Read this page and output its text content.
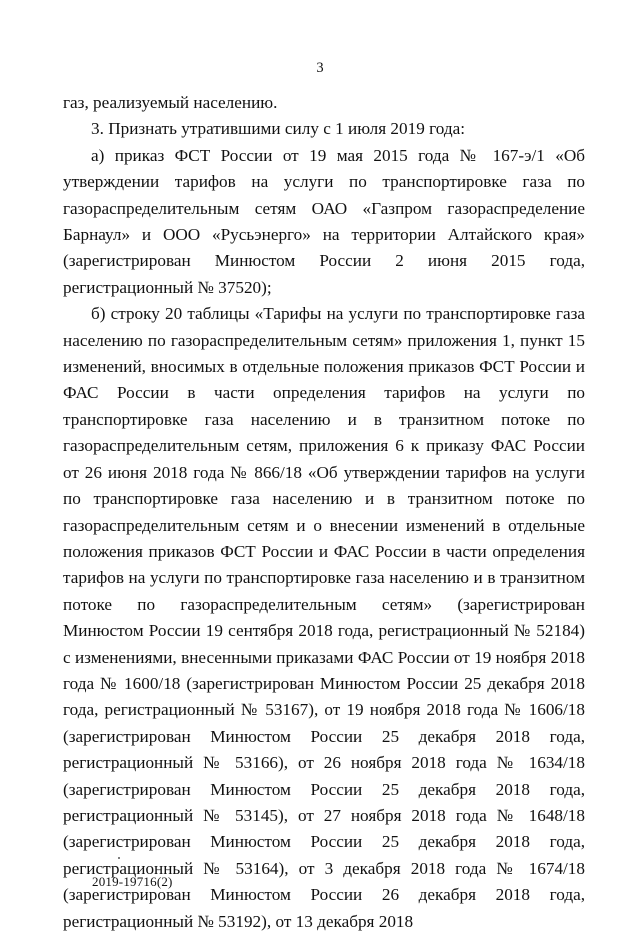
3

газ, реализуемый населению.

3. Признать утратившими силу с 1 июля 2019 года:

а) приказ ФСТ России от 19 мая 2015 года № 167-э/1 «Об утверждении тарифов на услуги по транспортировке газа по газораспределительным сетям ОАО «Газпром газораспределение Барнаул» и ООО «Русьэнерго» на территории Алтайского края» (зарегистрирован Минюстом России 2 июня 2015 года, регистрационный № 37520);

б) строку 20 таблицы «Тарифы на услуги по транспортировке газа населению по газораспределительным сетям» приложения 1, пункт 15 изменений, вносимых в отдельные положения приказов ФСТ России и ФАС России в части определения тарифов на услуги по транспортировке газа населению и в транзитном потоке по газораспределительным сетям, приложения 6 к приказу ФАС России от 26 июня 2018 года № 866/18 «Об утверждении тарифов на услуги по транспортировке газа населению и в транзитном потоке по газораспределительным сетям и о внесении изменений в отдельные положения приказов ФСТ России и ФАС России в части определения тарифов на услуги по транспортировке газа населению и в транзитном потоке по газораспределительным сетям» (зарегистрирован Минюстом России 19 сентября 2018 года, регистрационный № 52184) с изменениями, внесенными приказами ФАС России от 19 ноября 2018 года № 1600/18 (зарегистрирован Минюстом России 25 декабря 2018 года, регистрационный № 53167), от 19 ноября 2018 года № 1606/18 (зарегистрирован Минюстом России 25 декабря 2018 года, регистрационный № 53166), от 26 ноября 2018 года № 1634/18 (зарегистрирован Минюстом России 25 декабря 2018 года, регистрационный № 53145), от 27 ноября 2018 года № 1648/18 (зарегистрирован Минюстом России 25 декабря 2018 года, регистрационный № 53164), от 3 декабря 2018 года № 1674/18 (зарегистрирован Минюстом России 26 декабря 2018 года, регистрационный № 53192), от 13 декабря 2018

2019-19716(2)
